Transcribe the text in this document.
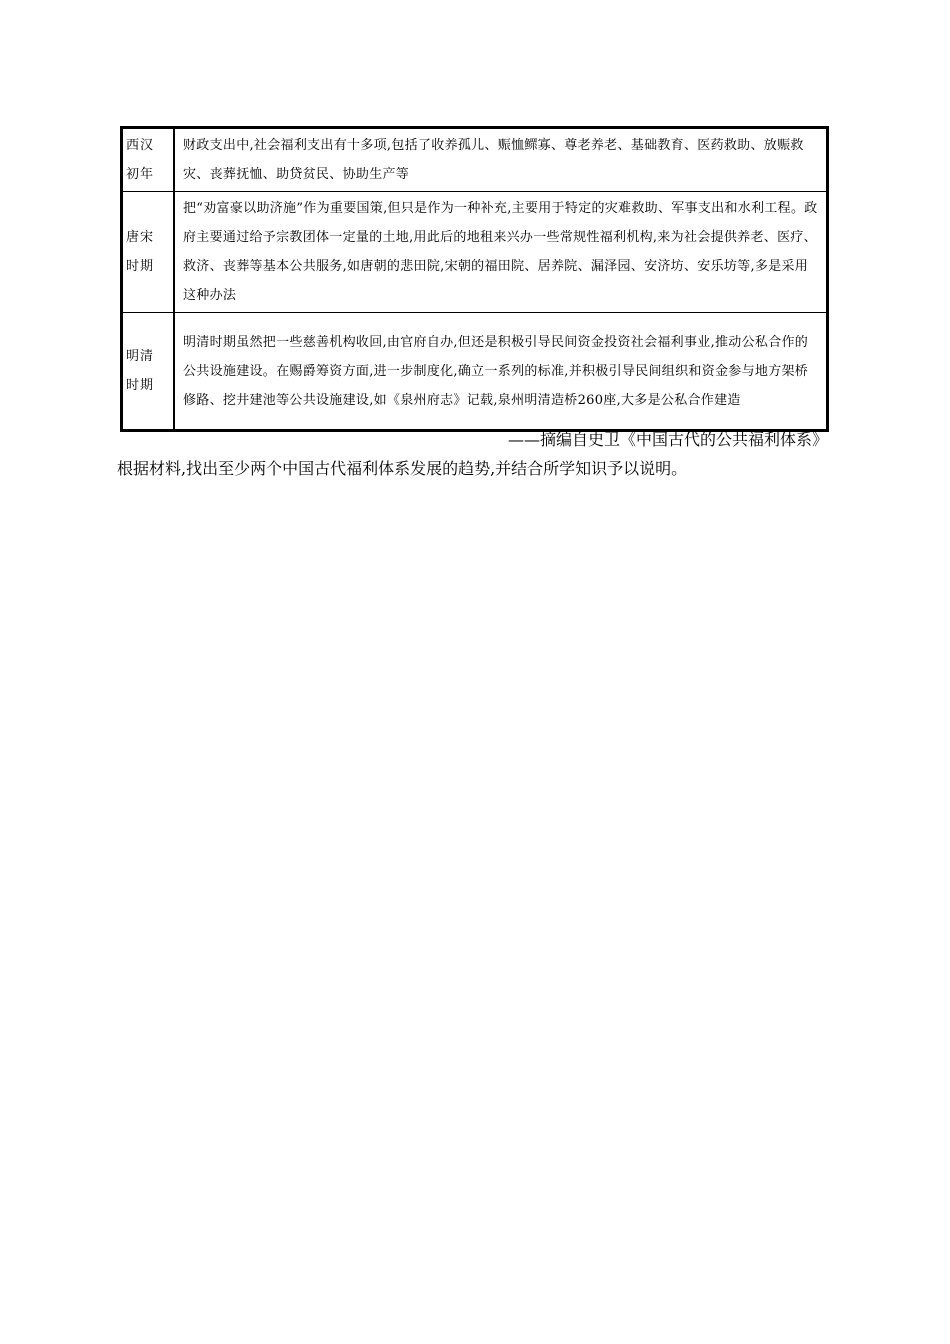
西汉
初年	财政支出中,社会福利支出有十多项,包括了收养孤儿、赈恤鳏寡、尊老养老、基础教育、医药救助、放赈救灾、丧葬抚恤、助贷贫民、协助生产等

唐宋
时期	把“劝富豪以助济施”作为重要国策,但只是作为一种补充,主要用于特定的灾难救助、军事支出和水利工程。政府主要通过给予宗教团体一定量的土地,用此后的地租来兴办一些常规性福利机构,来为社会提供养老、医疗、救济、丧葬等基本公共服务,如唐朝的悲田院,宋朝的福田院、居养院、漏泽园、安济坊、安乐坊等,多是采用这种办法

明清
时期	明清时期虽然把一些慈善机构收回,由官府自办,但还是积极引导民间资金投资社会福利事业,推动公私合作的公共设施建设。在赐爵筹资方面,进一步制度化,确立一系列的标准,并积极引导民间组织和资金参与地方架桥修路、挖井建池等公共设施建设,如《泉州府志》记载,泉州明清造桥260座,大多是公私合作建造
——摘编自史卫《中国古代的公共福利体系》
根据材料,找出至少两个中国古代福利体系发展的趋势,并结合所学知识予以说明。
